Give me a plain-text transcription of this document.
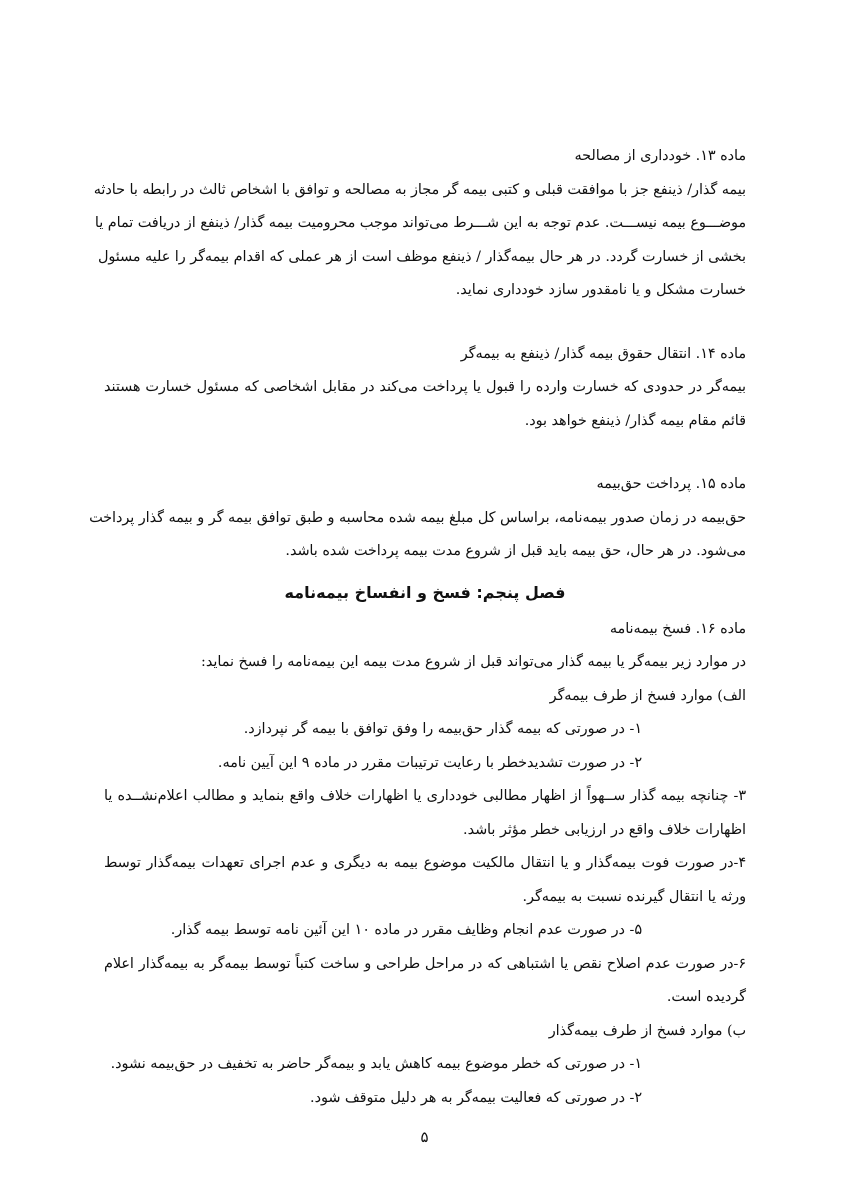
ماده ۱۳. خودداری از مصالحه
بیمه گذار/ ذینفع جز با موافقت قبلی و کتبی بیمه گر مجاز به مصالحه و توافق با اشخاص ثالث در رابطه با حادثه
موضـــوع بیمه نیســـت. عدم توجه به این شـــرط می‌تواند موجب محرومیت بیمه گذار/ ذینفع از دریافت تمام یا
بخشی از خسارت گردد. در هر حال بیمه‌گذار / ذینفع موظف است از هر عملی که اقدام بیمه‌گر را علیه مسئول
خسارت مشکل و یا نامقدور سازد خودداری نماید.
ماده ۱۴. انتقال حقوق بیمه گذار/ ذینفع به بیمه‌گر
بیمه‌گر در حدودی که خسارت وارده را قبول یا پرداخت می‌کند در مقابل اشخاصی که مسئول خسارت هستند
قائم مقام بیمه گذار/ ذینفع خواهد بود.
ماده ۱۵. پرداخت حق‌بیمه
حق‌بیمه در زمان صدور بیمه‌نامه، براساس کل مبلغ بیمه شده محاسبه و طبق توافق بیمه گر و بیمه گذار پرداخت
می‌شود. در هر حال، حق بیمه باید قبل از شروع مدت بیمه پرداخت شده باشد.
فصل پنجم: فسخ و انفساخ بیمه‌نامه
ماده ۱۶. فسخ بیمه‌نامه
در موارد زیر بیمه‌گر یا بیمه گذار می‌تواند قبل از شروع مدت بیمه این بیمه‌نامه را فسخ نماید:
الف) موارد فسخ از طرف بیمه‌گر
۱- در صورتی که بیمه گذار حق‌بیمه را وفق توافق با بیمه گر نپردازد.
۲- در صورت تشدیدخطر با رعایت ترتیبات مقرر در ماده ۹ این آیین نامه.
۳- چنانچه بیمه گذار ســهواً از اظهار مطالبی خودداری یا اظهارات خلاف واقع بنماید و مطالب اعلام‌نشــده یا
اظهارات خلاف واقع در ارزیابی خطر مؤثر باشد.
۴-در صورت فوت بیمه‌گذار و یا انتقال مالکیت موضوع بیمه به دیگری و عدم اجرای تعهدات بیمه‌گذار توسط
ورثه یا انتقال گیرنده نسبت به بیمه‌گر.
۵- در صورت عدم انجام وظایف مقرر در ماده ۱۰ این آئین نامه توسط بیمه گذار.
۶-در صورت عدم اصلاح نقص یا اشتباهی که در مراحل طراحی و ساخت کتباً توسط بیمه‌گر به بیمه‌گذار اعلام
گردیده است.
ب) موارد فسخ از طرف بیمه‌گذار
۱- در صورتی که خطر موضوع بیمه کاهش یابد و بیمه‌گر حاضر به تخفیف در حق‌بیمه نشود.
۲- در صورتی که فعالیت بیمه‌گر به هر دلیل متوقف شود.
۵
